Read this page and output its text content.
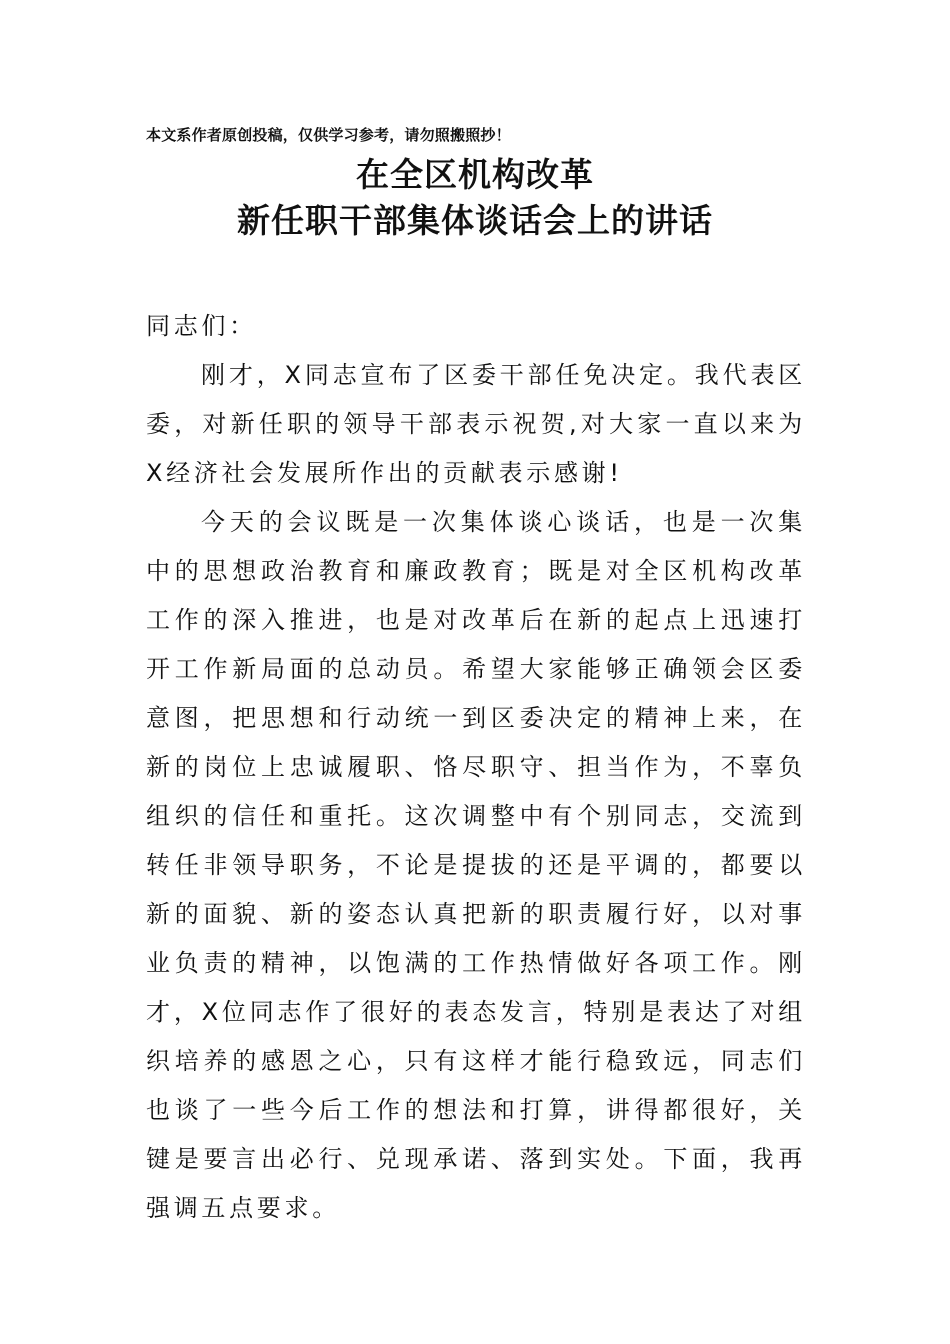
本文系作者原创投稿，仅供学习参考，请勿照搬照抄！
在全区机构改革
新任职干部集体谈话会上的讲话

同志们：

刚才，X同志宣布了区委干部任免决定。我代表区委，对新任职的领导干部表示祝贺,对大家一直以来为X经济社会发展所作出的贡献表示感谢!

今天的会议既是一次集体谈心谈话，也是一次集中的思想政治教育和廉政教育；既是对全区机构改革工作的深入推进，也是对改革后在新的起点上迅速打开工作新局面的总动员。希望大家能够正确领会区委意图，把思想和行动统一到区委决定的精神上来，在新的岗位上忠诚履职、恪尽职守、担当作为，不辜负组织的信任和重托。这次调整中有个别同志，交流到转任非领导职务，不论是提拔的还是平调的，都要以新的面貌、新的姿态认真把新的职责履行好，以对事业负责的精神，以饱满的工作热情做好各项工作。刚才，X位同志作了很好的表态发言，特别是表达了对组织培养的感恩之心，只有这样才能行稳致远，同志们也谈了一些今后工作的想法和打算，讲得都很好，关键是要言出必行、兑现承诺、落到实处。下面，我再强调五点要求。
